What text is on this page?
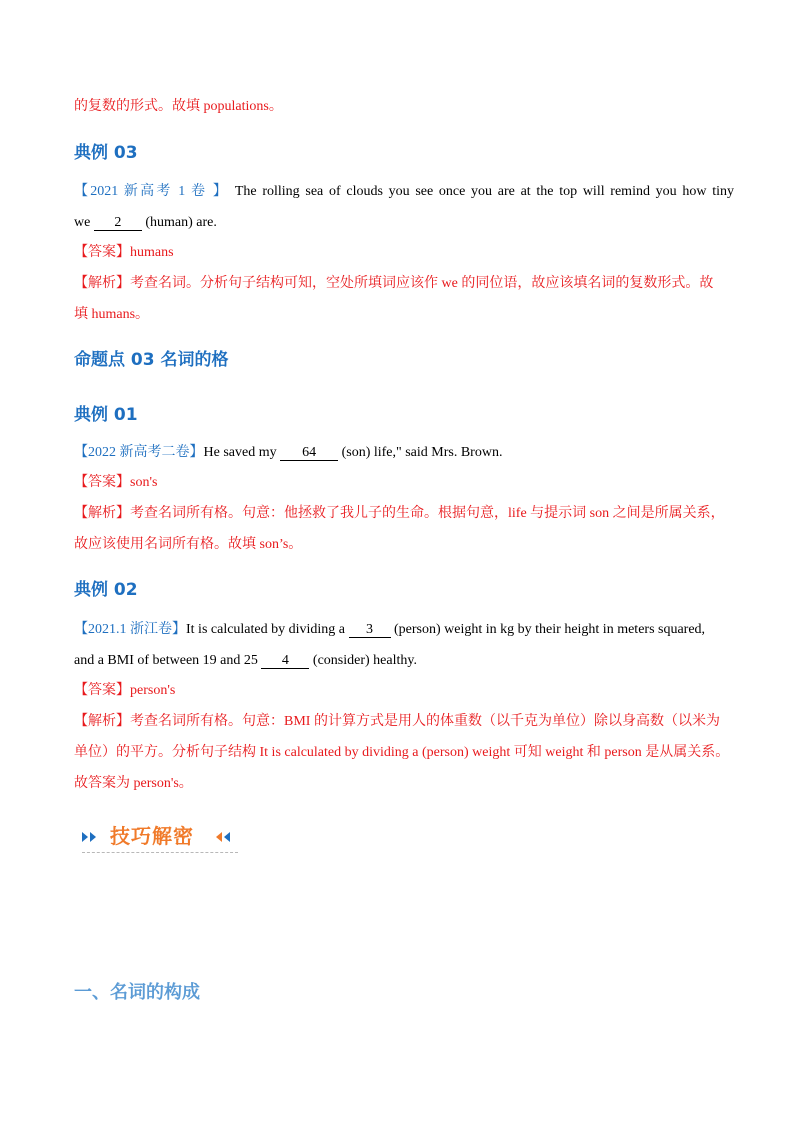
的复数的形式。故填 populations。
典例 03
【2021 新高考 1 卷 】 The rolling sea of clouds you see once you are at the top will remind you how tiny
we 2 (human) are.
【答案】humans
【解析】考查名词。分析句子结构可知，空处所填词应该作 we 的同位语，故应该填名词的复数形式。故
填 humans。
命题点 03 名词的格
典例 01
【2022 新高考二卷】He saved my 64 (son) life," said Mrs. Brown.
【答案】son's
【解析】考查名词所有格。句意：他拯救了我儿子的生命。根据句意，life 与提示词 son 之间是所属关系，
故应该使用名词所有格。故填 son’s。
典例 02
【2021.1 浙江卷】It is calculated by dividing a 3 (person) weight in kg by their height in meters squared,
and a BMI of between 19 and 25 4 (consider) healthy.
【答案】person's
【解析】考查名词所有格。句意：BMI 的计算方式是用人的体重数（以千克为单位）除以身高数（以米为
单位）的平方。分析句子结构 It is calculated by dividing a (person) weight 可知 weight 和 person 是从属关系。
故答案为 person's。
技巧解密
一、名词的构成
